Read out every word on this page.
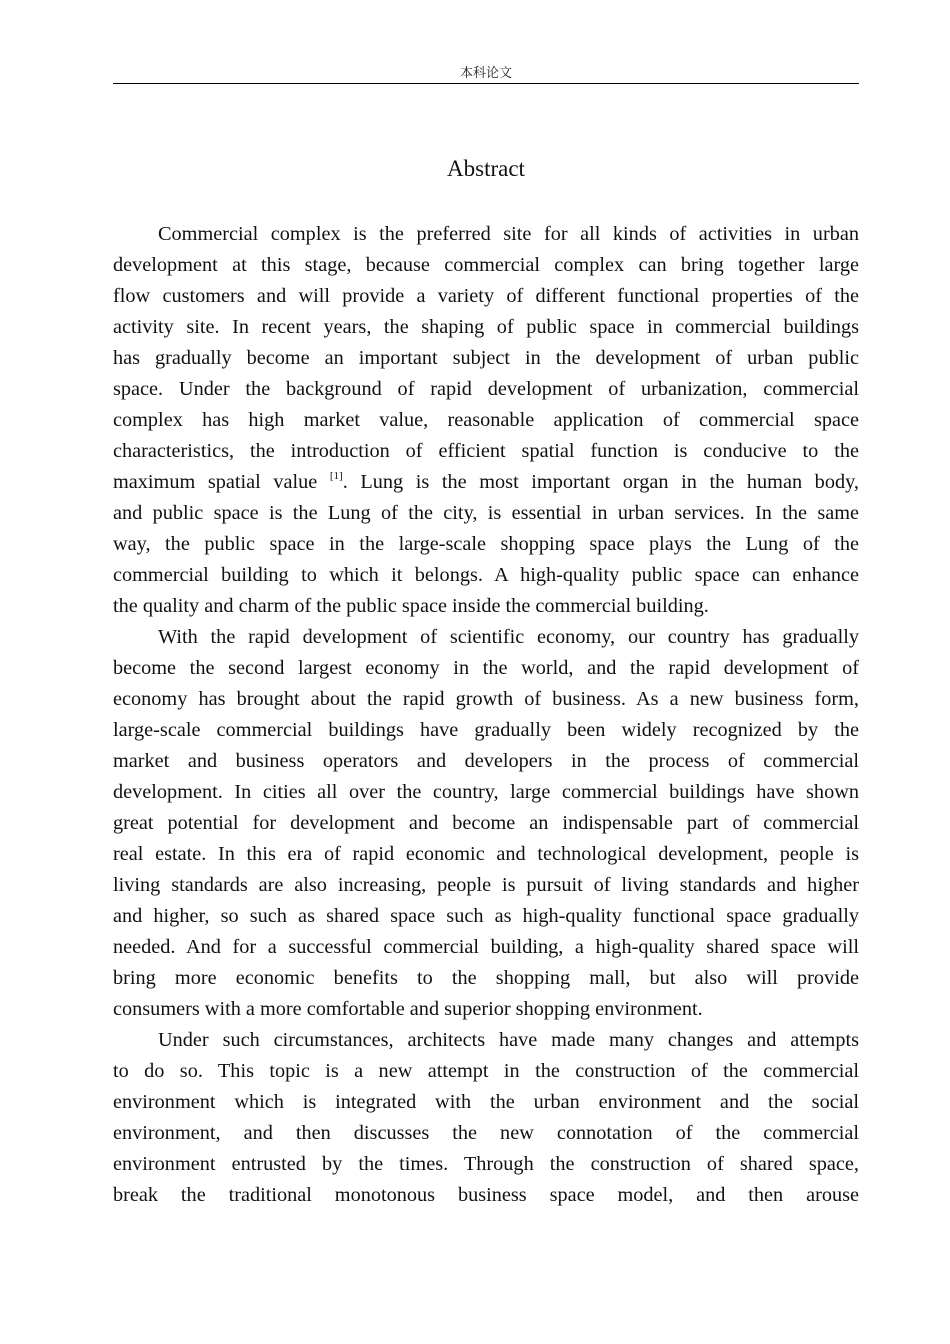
本科论文
Abstract
Commercial complex is the preferred site for all kinds of activities in urban
development at this stage, because commercial complex can bring together large
flow customers and will provide a variety of different functional properties of the
activity site. In recent years, the shaping of public space in commercial buildings
has gradually become an important subject in the development of urban public
space. Under the background of rapid development of urbanization, commercial
complex has high market value, reasonable application of commercial space
characteristics, the introduction of efficient spatial function is conducive to the
maximum spatial value [1]. Lung is the most important organ in the human body,
and public space is the Lung of the city, is essential in urban services. In the same
way, the public space in the large-scale shopping space plays the Lung of the
commercial building to which it belongs. A high-quality public space can enhance
the quality and charm of the public space inside the commercial building.
With the rapid development of scientific economy, our country has gradually
become the second largest economy in the world, and the rapid development of
economy has brought about the rapid growth of business. As a new business form,
large-scale commercial buildings have gradually been widely recognized by the
market and business operators and developers in the process of commercial
development. In cities all over the country, large commercial buildings have shown
great potential for development and become an indispensable part of commercial
real estate. In this era of rapid economic and technological development, people is
living standards are also increasing, people is pursuit of living standards and higher
and higher, so such as shared space such as high-quality functional space gradually
needed. And for a successful commercial building, a high-quality shared space will
bring more economic benefits to the shopping mall, but also will provide
consumers with a more comfortable and superior shopping environment.
Under such circumstances, architects have made many changes and attempts
to do so. This topic is a new attempt in the construction of the commercial
environment which is integrated with the urban environment and the social
environment, and then discusses the new connotation of the commercial
environment entrusted by the times. Through the construction of shared space,
break the traditional monotonous business space model, and then arouse
